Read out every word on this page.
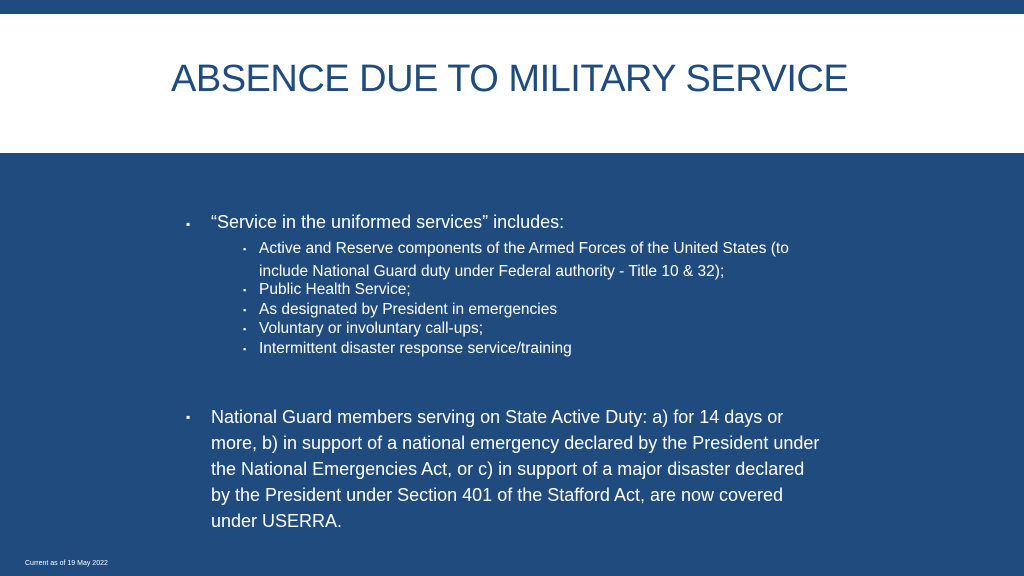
ABSENCE DUE TO MILITARY SERVICE
▪ “Service in the uniformed services” includes:
▪ Active and Reserve components of the Armed Forces of the United States (to include National Guard duty under Federal authority - Title 10 & 32);
▪ Public Health Service;
▪ As designated by President in emergencies
▪ Voluntary or involuntary call-ups;
▪ Intermittent disaster response service/training
▪ National Guard members serving on State Active Duty: a) for 14 days or more, b) in support of a national emergency declared by the President under the National Emergencies Act, or c) in support of a major disaster declared by the President under Section 401 of the Stafford Act, are now covered under USERRA.
Current as of 19 May 2022
